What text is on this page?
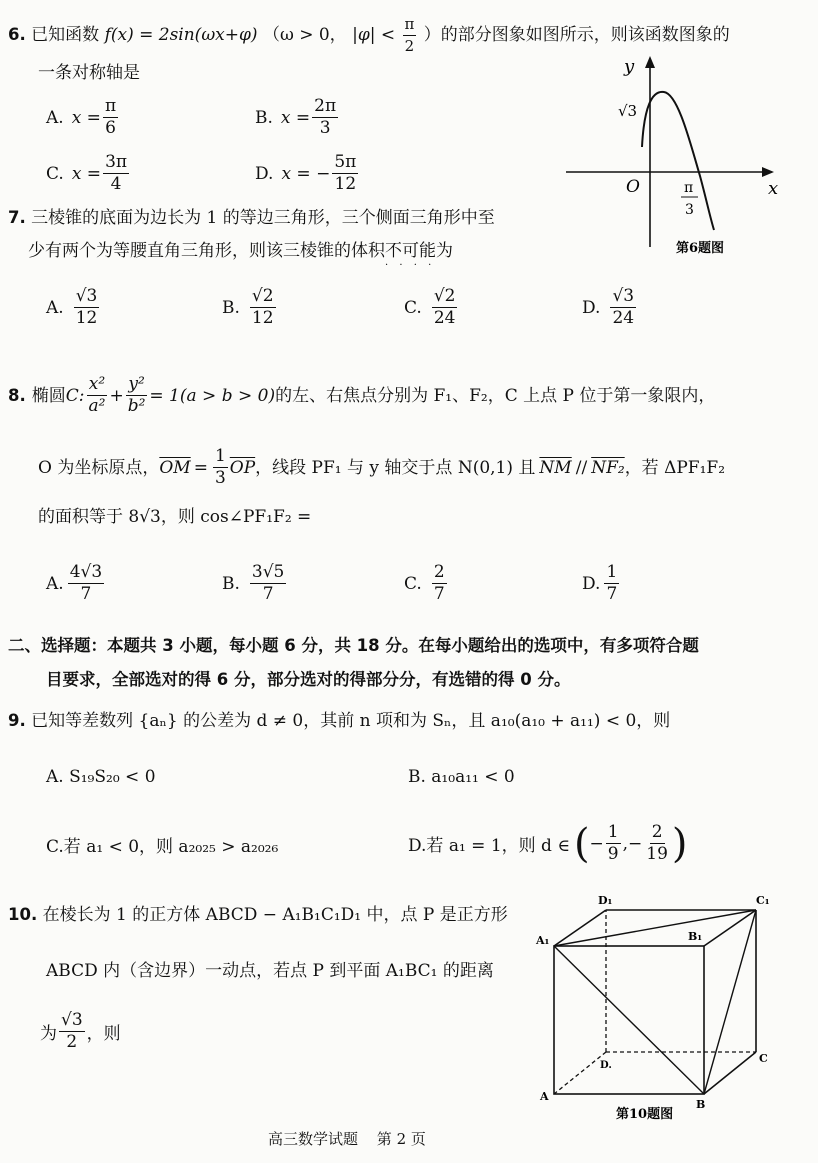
6. 已知函数 f(x) = 2sin(ωx+φ) （ω > 0， $|\varphi| < \frac{\pi}{2}$ ）的部分图象如图所示，则该函数图象的
一条对称轴是
A. $x = \frac{\pi}{6}$	B. $x = \frac{2\pi}{3}$
C. $x = \frac{3\pi}{4}$	D. x = − $\frac{5\pi}{12}$
y
x
O
√3
π
3
第6题图
7. 三棱锥的底面为边长为 1 的等边三角形，三个侧面三角形中至
少有两个为等腰直角三角形，则该三棱锥的体积不可能 · · · ·为
A. $\frac{√3}{12}$	B. $\frac{√2}{12}$	C. $\frac{√2}{24}$	D. $\frac{√3}{24}$
8. 椭圆 C: $\frac{\text{x²}}{\text{a²}} + \frac{\text{y²}}{\text{b²}} = 1(a > b > 0)$ 的左、右焦点分别为 F₁、F₂，C 上点 P 位于第一象限内，
O 为坐标原点， $\overline{OM} = \frac{1}{3} \overline{OP}$ ，线段 PF₁ 与 y 轴交于点 N(0,1) 且 $\overline{NM} // NF_2$ ，若 ΔPF₁F₂
的面积等于 8√3，则 cos∠PF₁F₂ =
A. $\frac{4√3}{7}$	B. $\frac{3√5}{7}$	C. $\frac{2}{7}$	D. $\frac{1}{7}$
二、选择题：本题共 3 小题，每小题 6 分，共 18 分。在每小题给出的选项中，有多项符合题
目要求，全部选对的得 6 分，部分选对的得部分分，有选错的得 0 分。
9. 已知等差数列 {aₙ} 的公差为 d ≠ 0，其前 n 项和为 Sₙ，且 a₁₀(a₁₀ + a₁₁) < 0，则
A. S₁₉S₂₀ < 0	B. a₁₀a₁₁ < 0
C.若 a₁ < 0，则 a₂₀₂₅ > a₂₀₂₆	D.若 a₁ = 1，则 d ∈ ( − $\frac{1}{9}$ ,− $\frac{2}{19}$ )
10. 在棱长为 1 的正方体 ABCD − A₁B₁C₁D₁ 中，点 P 是正方形
ABCD 内（含边界）一动点，若点 P 到平面 A₁BC₁ 的距离
为 $\frac{√3}{2}$ ，则
D₁	C₁
A₁	B₁
D.
C
A
B
第10题图
高三数学试题 第 2 页
